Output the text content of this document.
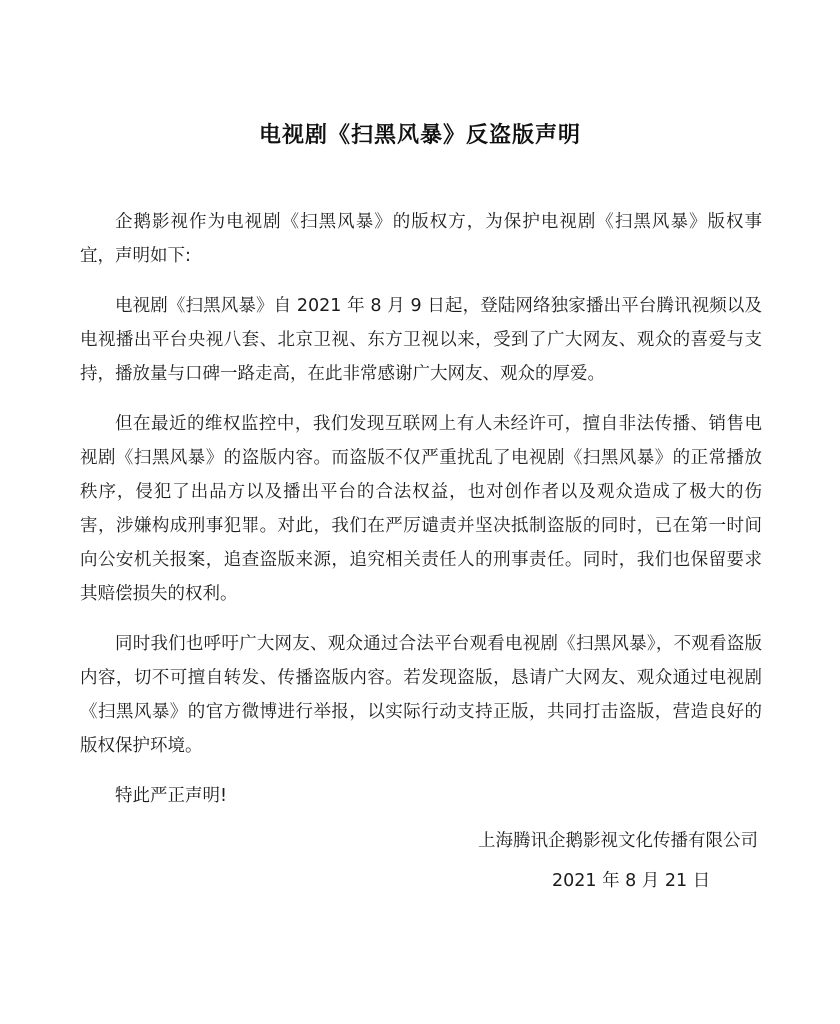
电视剧《扫黑风暴》反盗版声明

企鹅影视作为电视剧《扫黑风暴》的版权方，为保护电视剧《扫黑风暴》版权事宜，声明如下:

电视剧《扫黑风暴》自 2021 年 8 月 9 日起，登陆网络独家播出平台腾讯视频以及电视播出平台央视八套、北京卫视、东方卫视以来，受到了广大网友、观众的喜爱与支持，播放量与口碑一路走高，在此非常感谢广大网友、观众的厚爱。

但在最近的维权监控中，我们发现互联网上有人未经许可，擅自非法传播、销售电视剧《扫黑风暴》的盗版内容。而盗版不仅严重扰乱了电视剧《扫黑风暴》的正常播放秩序，侵犯了出品方以及播出平台的合法权益，也对创作者以及观众造成了极大的伤害，涉嫌构成刑事犯罪。对此，我们在严厉谴责并坚决抵制盗版的同时，已在第一时间向公安机关报案，追查盗版来源，追究相关责任人的刑事责任。同时，我们也保留要求其赔偿损失的权利。

同时我们也呼吁广大网友、观众通过合法平台观看电视剧《扫黑风暴》，不观看盗版内容，切不可擅自转发、传播盗版内容。若发现盗版，恳请广大网友、观众通过电视剧《扫黑风暴》的官方微博进行举报，以实际行动支持正版，共同打击盗版，营造良好的版权保护环境。

特此严正声明!

上海腾讯企鹅影视文化传播有限公司
2021 年 8 月 21 日
